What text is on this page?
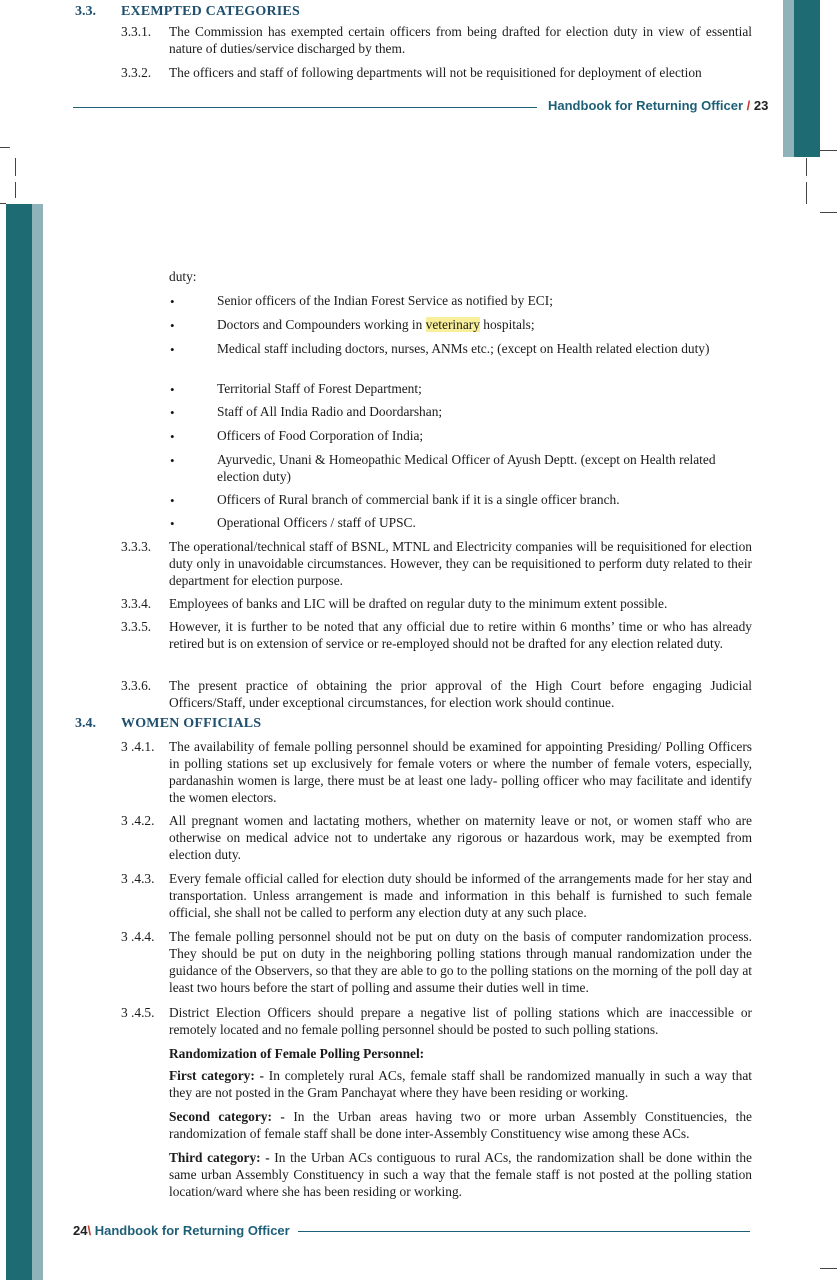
3.3. EXEMPTED CATEGORIES
3.3.1. The Commission has exempted certain officers from being drafted for election duty in view of essential nature of duties/service discharged by them.
3.3.2. The officers and staff of following departments will not be requisitioned for deployment of election
Handbook for Returning Officer / 23
duty:
•	Senior officers of the Indian Forest Service as notified by ECI;
•	Doctors and Compounders working in veterinary hospitals;
•	Medical staff including doctors, nurses, ANMs etc.; (except on Health related election duty)
•	Territorial Staff of Forest Department;
•	Staff of All India Radio and Doordarshan;
•	Officers of Food Corporation of India;
•	Ayurvedic, Unani & Homeopathic Medical Officer of Ayush Deptt. (except on Health related election duty)
•	Officers of Rural branch of commercial bank if it is a single officer branch.
•	Operational Officers / staff of UPSC.
3.3.3. The operational/technical staff of BSNL, MTNL and Electricity companies will be requisitioned for election duty only in unavoidable circumstances. However, they can be requisitioned to perform duty related to their department for election purpose.
3.3.4. Employees of banks and LIC will be drafted on regular duty to the minimum extent possible.
3.3.5. However, it is further to be noted that any official due to retire within 6 months’ time or who has already retired but is on extension of service or re-employed should not be drafted for any election related duty.
3.3.6. The present practice of obtaining the prior approval of the High Court before engaging Judicial Officers/Staff, under exceptional circumstances, for election work should continue.
3.4. WOMEN OFFICIALS
3 .4.1. The availability of female polling personnel should be examined for appointing Presiding/ Polling Officers in polling stations set up exclusively for female voters or where the number of female voters, especially, pardanashin women is large, there must be at least one lady- polling officer who may facilitate and identify the women electors.
3 .4.2. All pregnant women and lactating mothers, whether on maternity leave or not, or women staff who are otherwise on medical advice not to undertake any rigorous or hazardous work, may be exempted from election duty.
3 .4.3. Every female official called for election duty should be informed of the arrangements made for her stay and transportation. Unless arrangement is made and information in this behalf is furnished to such female official, she shall not be called to perform any election duty at any such place.
3 .4.4. The female polling personnel should not be put on duty on the basis of computer randomization process. They should be put on duty in the neighboring polling stations through manual randomization under the guidance of the Observers, so that they are able to go to the polling stations on the morning of the poll day at least two hours before the start of polling and assume their duties well in time.
3 .4.5. District Election Officers should prepare a negative list of polling stations which are inaccessible or remotely located and no female polling personnel should be posted to such polling stations.
Randomization of Female Polling Personnel:
First category: - In completely rural ACs, female staff shall be randomized manually in such a way that they are not posted in the Gram Panchayat where they have been residing or working.
Second category: - In the Urban areas having two or more urban Assembly Constituencies, the randomization of female staff shall be done inter-Assembly Constituency wise among these ACs.
Third category: - In the Urban ACs contiguous to rural ACs, the randomization shall be done within the same urban Assembly Constituency in such a way that the female staff is not posted at the polling station location/ward where she has been residing or working.
24\ Handbook for Returning Officer
